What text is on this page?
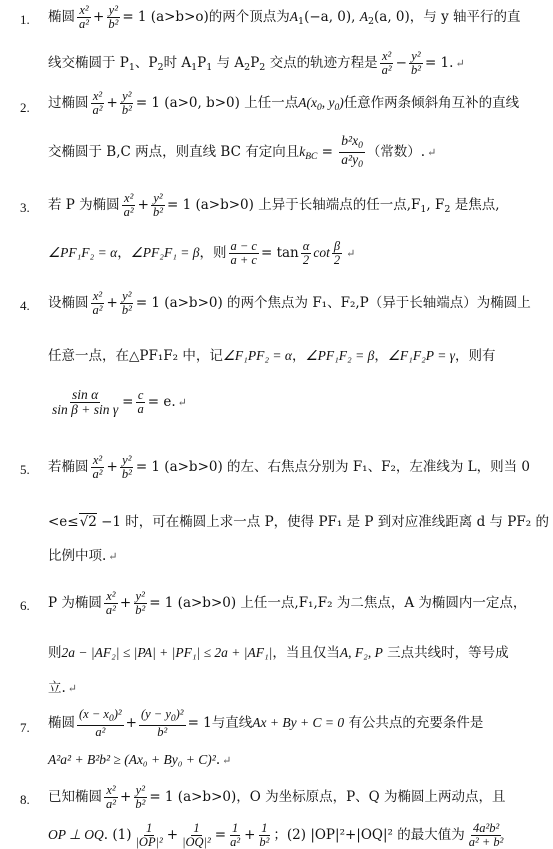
1. 椭圆 $\frac{\text{x²}}{\text{a²}} + \frac{\text{y²}}{\text{b²}} = 1$ (a>b>o)的两个顶点为$A_1(-a$, 0), $A_2(a$, 0)，与 y 轴平行的直
线交椭圆于 $P_1$、$P_2$时 $A_1P_1$ 与 $A_2P_2$ 交点的轨迹方程是 $\frac{\text{x²}}{\text{a²}} - \frac{\text{y²}}{\text{b²}} = 1$. ↵
2. 过椭圆 $\frac{\text{x²}}{\text{a²}} + \frac{\text{y²}}{\text{b²}} = 1$ (a>0, b>0) 上任一点$A(x_0$, $y_0$)任意作两条倾斜角互补的直线
交椭圆于 B,C 两点，则直线 BC 有定向且$k_{BC} = \frac{b^2x_0}{a^2y_0}$ （常数）. ↵
3. 若 P 为椭圆 $\frac{\text{x²}}{\text{a²}} + \frac{\text{y²}}{\text{b²}} = 1$ (a>b>0) 上异于长轴端点的任一点$,F_1$, $F_2$ 是焦点,
∠PF₁F₂ = α，∠PF₂F₁ = β，则 $\frac{a - c}{a + c} = \tan \frac{\alpha}{2}$ $\cot \frac{\beta}{2}$ ↵
4. 设椭圆 $\frac{\text{x²}}{\text{a²}} + \frac{\text{y²}}{\text{b²}} = 1$ (a>b>0) 的两个焦点为 F₁、F₂,P（异于长轴端点）为椭圆上
任意一点，在△PF₁F₂ 中，记∠F₁PF₂ = α，∠PF₁F₂ = β，∠F₁F₂P = γ，则有
$\frac{\text{sin α}}{\text{sin β + sin γ}} = \frac{c}{a} = e$. ↵
5. 若椭圆 $\frac{\text{x²}}{\text{a²}} + \frac{\text{y²}}{\text{b²}} = 1$ (a>b>0) 的左、右焦点分别为 F₁、F₂，左准线为 L，则当 0
<e≤√2 −1 时，可在椭圆上求一点 P，使得 PF₁ 是 P 到对应准线距离 d 与 PF₂ 的
比例中项. ↵
6. P 为椭圆 $\frac{\text{x²}}{\text{a²}} + \frac{\text{y²}}{\text{b²}} = 1$ (a>b>0) 上任一点,F₁,F₂ 为二焦点，A 为椭圆内一定点，
则2a − |AF₂| ≤ |PA| + |PF₁| ≤ 2a + |AF₁|，当且仅当A, F₂, P 三点共线时，等号成
立. ↵
7. 椭圆 $\frac{(x - x_0)^2}{\text{a²}} + \frac{(y - y_0)^2}{\text{b²}} = 1$与直线Ax + By + C = 0 有公共点的充要条件是
A²a² + B²b² ≥ (Ax₀ + By₀ + C)². ↵
8. 已知椭圆 $\frac{\text{x²}}{\text{a²}} + \frac{\text{y²}}{\text{b²}} = 1$ (a>b>0)，O 为坐标原点，P、Q 为椭圆上两动点，且
OP ⊥ OQ. $(1) \frac{1}{\text{|OP|²}} + \frac{1}{\text{|OQ|²}} = \frac{1}{\text{a²}} + \frac{1}{\text{b²}}$ ；(2) |OP|²+|OQ|² 的最大值为 $\frac{\text{4a²b²}}{\text{a² + b²}}$
